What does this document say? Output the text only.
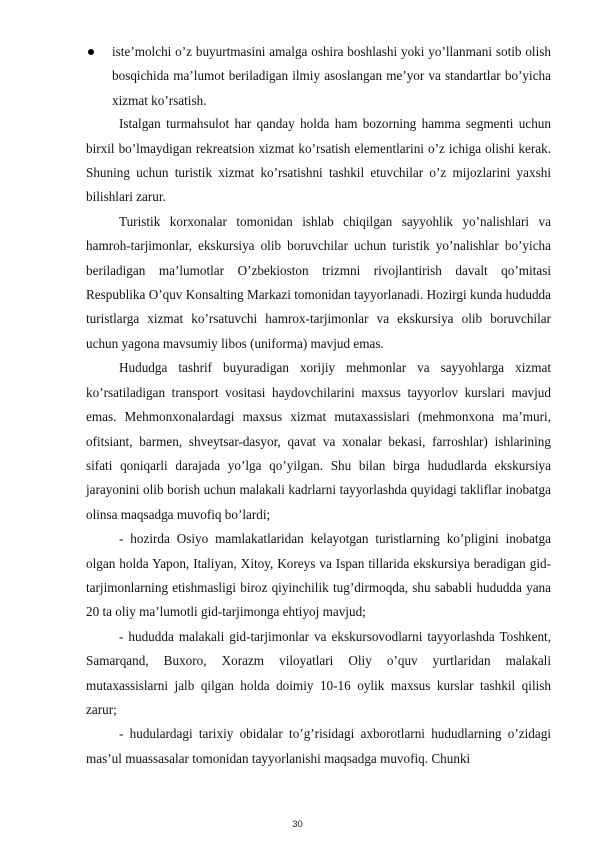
iste’molchi o’z buyurtmasini amalga oshira boshlashi yoki yo’llanmani sotib olish bosqichida ma’lumot beriladigan ilmiy asoslangan me’yor va standartlar bo’yicha xizmat ko’rsatish.

Istalgan turmahsulot har qanday holda ham bozorning hamma segmenti uchun birxil bo’lmaydigan rekreatsion xizmat ko’rsatish elementlarini o’z ichiga olishi kerak. Shuning uchun turistik xizmat ko’rsatishni tashkil etuvchilar o’z mijozlarini yaxshi bilishlari zarur.

Turistik korxonalar tomonidan ishlab chiqilgan sayyohlik yo’nalishlari va hamroh-tarjimonlar, ekskursiya olib boruvchilar uchun turistik yo’nalishlar bo’yicha beriladigan ma’lumotlar O’zbekioston trizmni rivojlantirish davalt qo’mitasi Respublika O’quv Konsalting Markazi tomonidan tayyorlanadi. Hozirgi kunda hududda turistlarga xizmat ko’rsatuvchi hamrox-tarjimonlar va ekskursiya olib boruvchilar uchun yagona mavsumiy libos (uniforma) mavjud emas.

Hududga tashrif buyuradigan xorijiy mehmonlar va sayyohlarga xizmat ko’rsatiladigan transport vositasi haydovchilarini maxsus tayyorlov kurslari mavjud emas. Mehmonxonalardagi maxsus xizmat mutaxassislari (mehmonxona ma’muri, ofitsiant, barmen, shveytsar-dasyor, qavat va xonalar bekasi, farroshlar) ishlarining sifati qoniqarli darajada yo’lga qo’yilgan. Shu bilan birga hududlarda ekskursiya jarayonini olib borish uchun malakali kadrlarni tayyorlashda quyidagi takliflar inobatga olinsa maqsadga muvofiq bo’lardi;

- hozirda Osiyo mamlakatlaridan kelayotgan turistlarning ko’pligini inobatga olgan holda Yapon, Italiyan, Xitoy, Koreys va Ispan tillarida ekskursiya beradigan gid-tarjimonlarning etishmasligi biroz qiyinchilik tug’dirmoqda, shu sababli hududda yana 20 ta oliy ma’lumotli gid-tarjimonga ehtiyoj mavjud;

- hududda malakali gid-tarjimonlar va ekskursovodlarni tayyorlashda Toshkent, Samarqand, Buxoro, Xorazm viloyatlari Oliy o’quv yurtlaridan malakali mutaxassislarni jalb qilgan holda doimiy 10-16 oylik maxsus kurslar tashkil qilish zarur;

- hudulardagi tarixiy obidalar to’g’risidagi axborotlarni hududlarning o’zidagi mas’ul muassasalar tomonidan tayyorlanishi maqsadga muvofiq. Chunki

30
